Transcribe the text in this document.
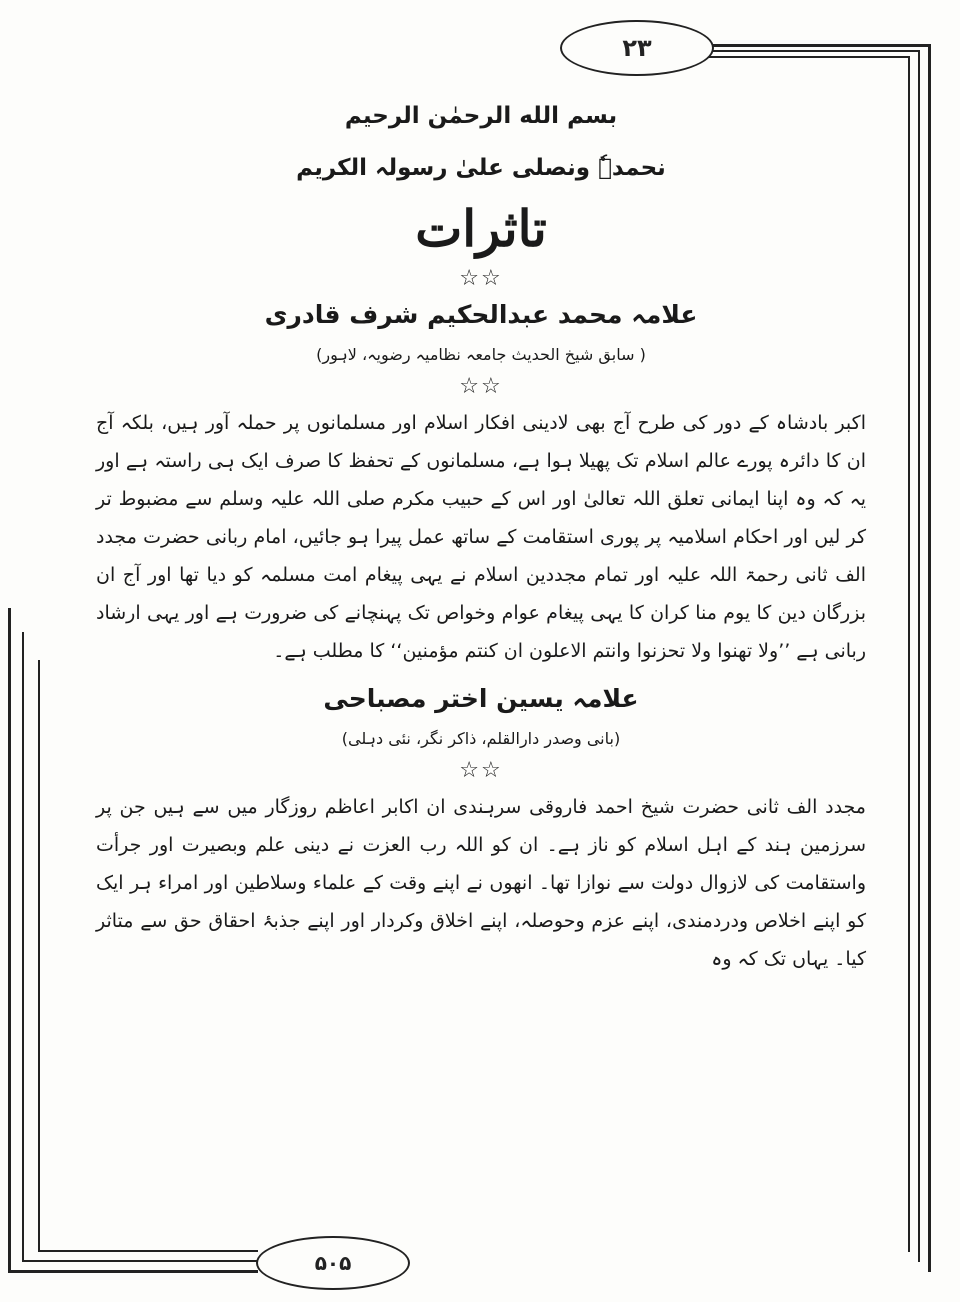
۲۳
۵۰۵

بسم الله الرحمٰن الرحیم

نحمدہٗ ونصلی علیٰ رسولہ الکریم

تاثرات

☆☆

علامہ محمد عبدالحکیم شرف قادری

( سابق شیخ الحدیث جامعہ نظامیہ رضویہ، لاہور)

☆☆

اکبر بادشاہ کے دور کی طرح آج بھی لادینی افکار اسلام اور مسلمانوں پر حملہ آور ہیں، بلکہ آج ان کا دائرہ پورے عالم اسلام تک پھیلا ہوا ہے، مسلمانوں کے تحفظ کا صرف ایک ہی راستہ ہے اور یہ کہ وہ اپنا ایمانی تعلق اللہ تعالیٰ اور اس کے حبیب مکرم صلی اللہ علیہ وسلم سے مضبوط تر کر لیں اور احکام اسلامیہ پر پوری استقامت کے ساتھ عمل پیرا ہو جائیں، امام ربانی حضرت مجدد الف ثانی رحمۃ اللہ علیہ اور تمام مجددین اسلام نے یہی پیغام امت مسلمہ کو دیا تھا اور آج ان بزرگان دین کا یوم منا کران کا یہی پیغام عوام وخواص تک پہنچانے کی ضرورت ہے اور یہی ارشاد ربانی ہے ’’ولا تھنوا ولا تحزنوا وانتم الاعلون ان کنتم مؤمنین‘‘ کا مطلب ہے۔

علامہ یسین اختر مصباحی

(بانی وصدر دارالقلم، ذاکر نگر، نئی دہلی)

☆☆

مجدد الف ثانی حضرت شیخ احمد فاروقی سرہندی ان اکابر اعاظم روزگار میں سے ہیں جن پر سرزمین ہند کے اہل اسلام کو ناز ہے۔ ان کو اللہ رب العزت نے دینی علم وبصیرت اور جرأت واستقامت کی لازوال دولت سے نوازا تھا۔ انھوں نے اپنے وقت کے علماء وسلاطین اور امراء ہر ایک کو اپنے اخلاص ودردمندی، اپنے عزم وحوصلہ، اپنے اخلاق وکردار اور اپنے جذبۂ احقاق حق سے متاثر کیا۔ یہاں تک کہ وہ
